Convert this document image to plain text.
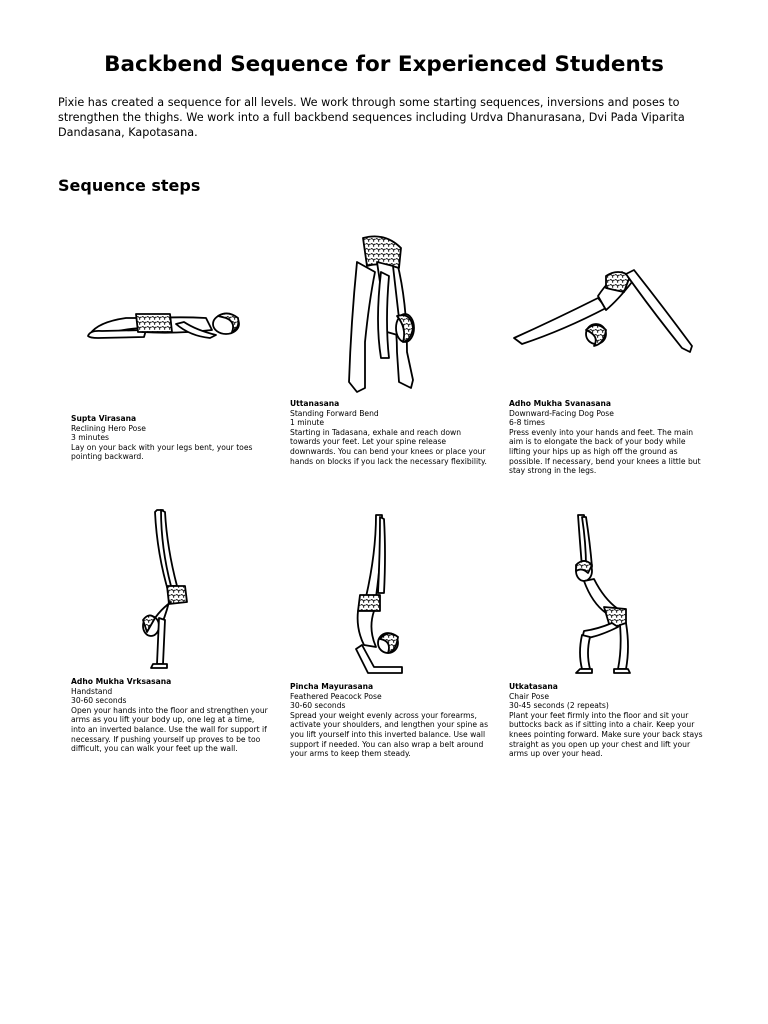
Backbend Sequence for Experienced Students

Pixie has created a sequence for all levels. We work through some starting sequences, inversions and poses to strengthen the thighs. We work into a full backbend sequences including Urdva Dhanurasana, Dvi Pada Viparita Dandasana, Kapotasana.

Sequence steps
Supta Virasana
Reclining Hero Pose
3 minutes
Lay on your back with your legs bent, your toes pointing backward.
Uttanasana
Standing Forward Bend
1 minute
Starting in Tadasana, exhale and reach down towards your feet. Let your spine release downwards. You can bend your knees or place your hands on blocks if you lack the necessary flexibility.
Adho Mukha Svanasana
Downward-Facing Dog Pose
6-8 times
Press evenly into your hands and feet. The main aim is to elongate the back of your body while lifting your hips up as high off the ground as possible. If necessary, bend your knees a little but stay strong in the legs.
Adho Mukha Vrksasana
Handstand
30-60 seconds
Open your hands into the floor and strengthen your arms as you lift your body up, one leg at a time, into an inverted balance. Use the wall for support if necessary. If pushing yourself up proves to be too difficult, you can walk your feet up the wall.
Pincha Mayurasana
Feathered Peacock Pose
30-60 seconds
Spread your weight evenly across your forearms, activate your shoulders, and lengthen your spine as you lift yourself into this inverted balance. Use wall support if needed. You can also wrap a belt around your arms to keep them steady.
Utkatasana
Chair Pose
30-45 seconds (2 repeats)
Plant your feet firmly into the floor and sit your buttocks back as if sitting into a chair. Keep your knees pointing forward. Make sure your back stays straight as you open up your chest and lift your arms up over your head.
